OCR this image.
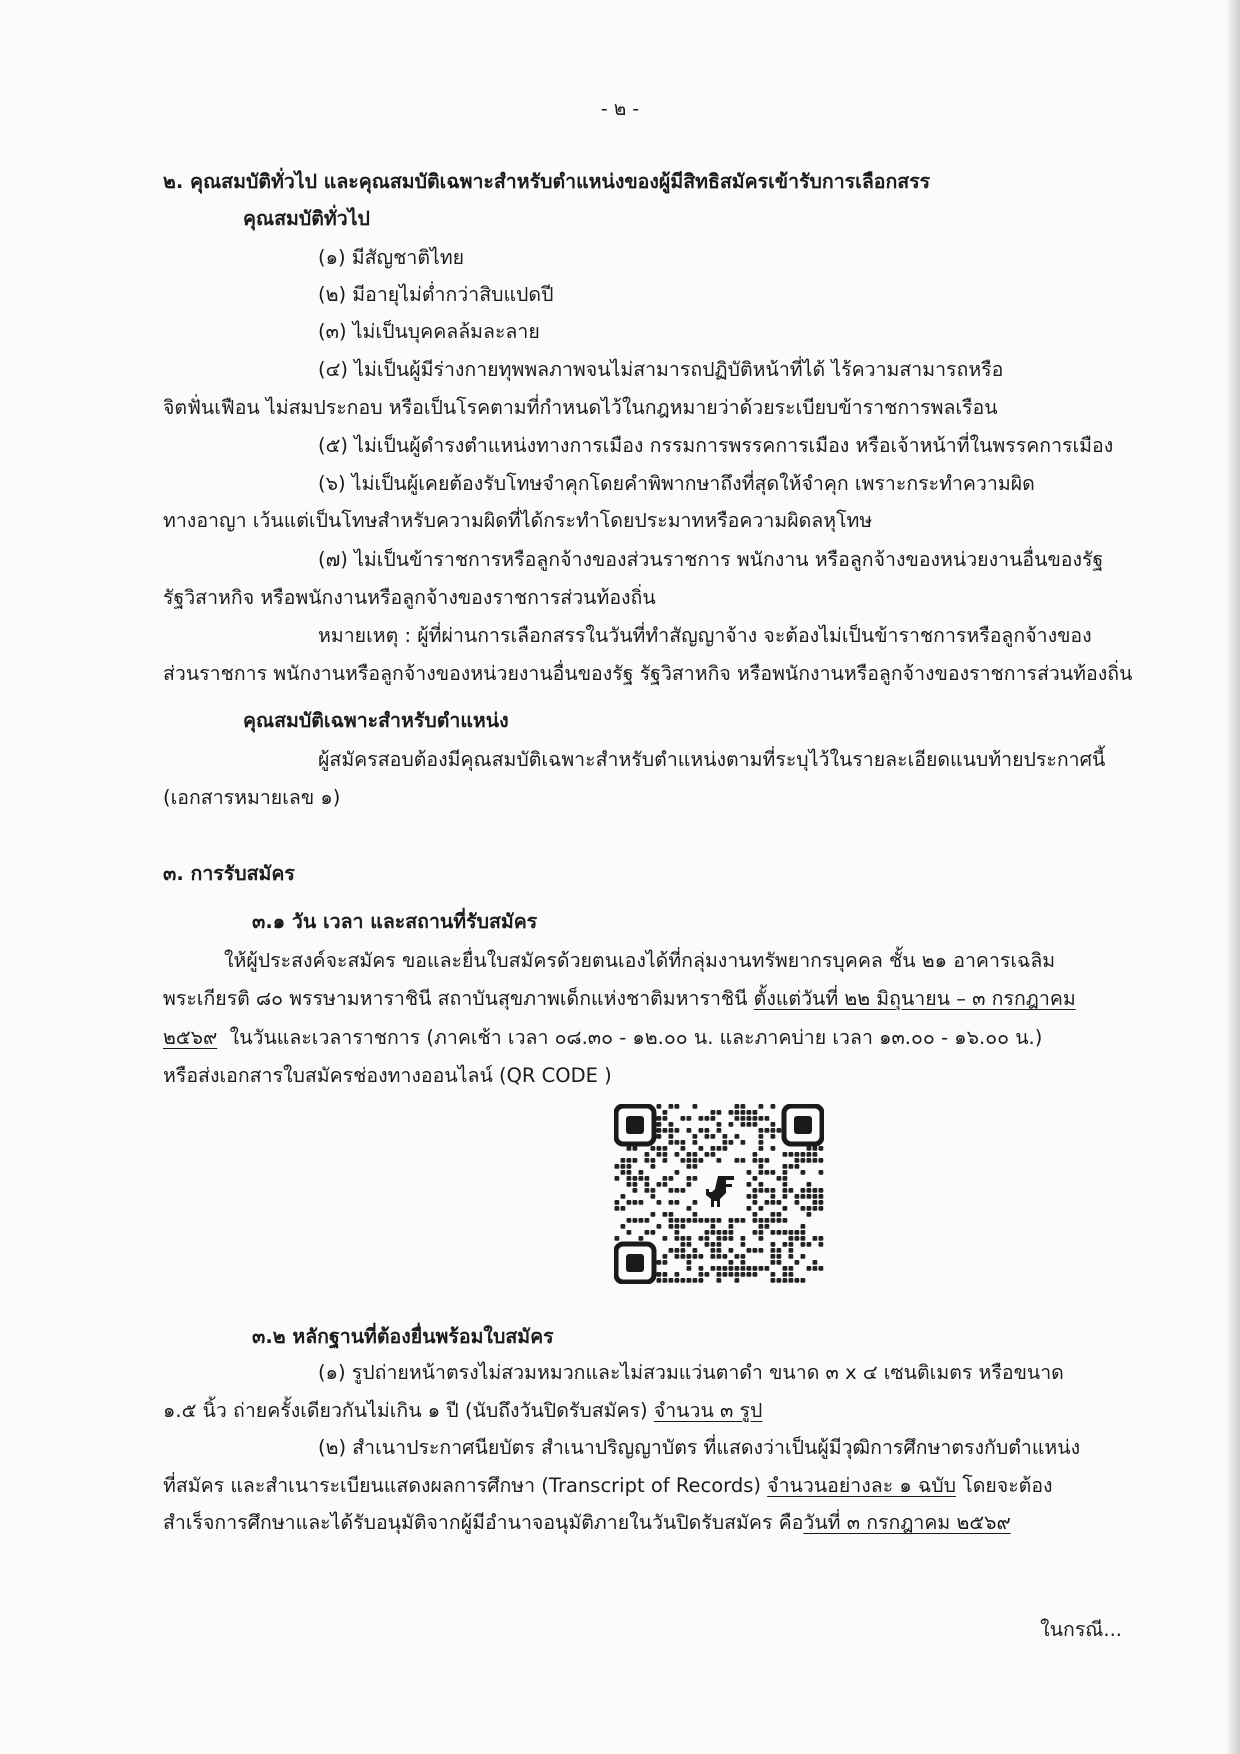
- ๒ -
๒. คุณสมบัติทั่วไป และคุณสมบัติเฉพาะสำหรับตำแหน่งของผู้มีสิทธิสมัครเข้ารับการเลือกสรร
คุณสมบัติทั่วไป
(๑) มีสัญชาติไทย
(๒) มีอายุไม่ต่ำกว่าสิบแปดปี
(๓) ไม่เป็นบุคคลล้มละลาย
(๔) ไม่เป็นผู้มีร่างกายทุพพลภาพจนไม่สามารถปฏิบัติหน้าที่ได้ ไร้ความสามารถหรือ
จิตฟั่นเฟือน ไม่สมประกอบ หรือเป็นโรคตามที่กำหนดไว้ในกฎหมายว่าด้วยระเบียบข้าราชการพลเรือน
(๕) ไม่เป็นผู้ดำรงตำแหน่งทางการเมือง กรรมการพรรคการเมือง หรือเจ้าหน้าที่ในพรรคการเมือง
(๖) ไม่เป็นผู้เคยต้องรับโทษจำคุกโดยคำพิพากษาถึงที่สุดให้จำคุก เพราะกระทำความผิด
ทางอาญา เว้นแต่เป็นโทษสำหรับความผิดที่ได้กระทำโดยประมาทหรือความผิดลหุโทษ
(๗) ไม่เป็นข้าราชการหรือลูกจ้างของส่วนราชการ พนักงาน หรือลูกจ้างของหน่วยงานอื่นของรัฐ
รัฐวิสาหกิจ หรือพนักงานหรือลูกจ้างของราชการส่วนท้องถิ่น
หมายเหตุ : ผู้ที่ผ่านการเลือกสรรในวันที่ทำสัญญาจ้าง จะต้องไม่เป็นข้าราชการหรือลูกจ้างของ
ส่วนราชการ พนักงานหรือลูกจ้างของหน่วยงานอื่นของรัฐ รัฐวิสาหกิจ หรือพนักงานหรือลูกจ้างของราชการส่วนท้องถิ่น
คุณสมบัติเฉพาะสำหรับตำแหน่ง
ผู้สมัครสอบต้องมีคุณสมบัติเฉพาะสำหรับตำแหน่งตามที่ระบุไว้ในรายละเอียดแนบท้ายประกาศนี้
(เอกสารหมายเลข ๑)
๓. การรับสมัคร
๓.๑ วัน เวลา และสถานที่รับสมัคร
ให้ผู้ประสงค์จะสมัคร ขอและยื่นใบสมัครด้วยตนเองได้ที่กลุ่มงานทรัพยากรบุคคล ชั้น ๒๑ อาคารเฉลิม
พระเกียรติ ๘๐ พรรษามหาราชินี สถาบันสุขภาพเด็กแห่งชาติมหาราชินี ตั้งแต่วันที่ ๒๒ มิถุนายน – ๓ กรกฎาคม
๒๕๖๙  ในวันและเวลาราชการ (ภาคเช้า เวลา ๐๘.๓๐ - ๑๒.๐๐ น. และภาคบ่าย เวลา ๑๓.๐๐ - ๑๖.๐๐ น.)
หรือส่งเอกสารใบสมัครช่องทางออนไลน์ (QR CODE )
๓.๒ หลักฐานที่ต้องยื่นพร้อมใบสมัคร
(๑) รูปถ่ายหน้าตรงไม่สวมหมวกและไม่สวมแว่นตาดำ ขนาด ๓ x ๔ เซนติเมตร หรือขนาด
๑.๕ นิ้ว ถ่ายครั้งเดียวกันไม่เกิน ๑ ปี (นับถึงวันปิดรับสมัคร) จำนวน ๓ รูป
(๒) สำเนาประกาศนียบัตร สำเนาปริญญาบัตร ที่แสดงว่าเป็นผู้มีวุฒิการศึกษาตรงกับตำแหน่ง
ที่สมัคร และสำเนาระเบียนแสดงผลการศึกษา (Transcript of Records) จำนวนอย่างละ ๑ ฉบับ โดยจะต้อง
สำเร็จการศึกษาและได้รับอนุมัติจากผู้มีอำนาจอนุมัติภายในวันปิดรับสมัคร คือวันที่ ๓ กรกฎาคม ๒๕๖๙
ในกรณี...
